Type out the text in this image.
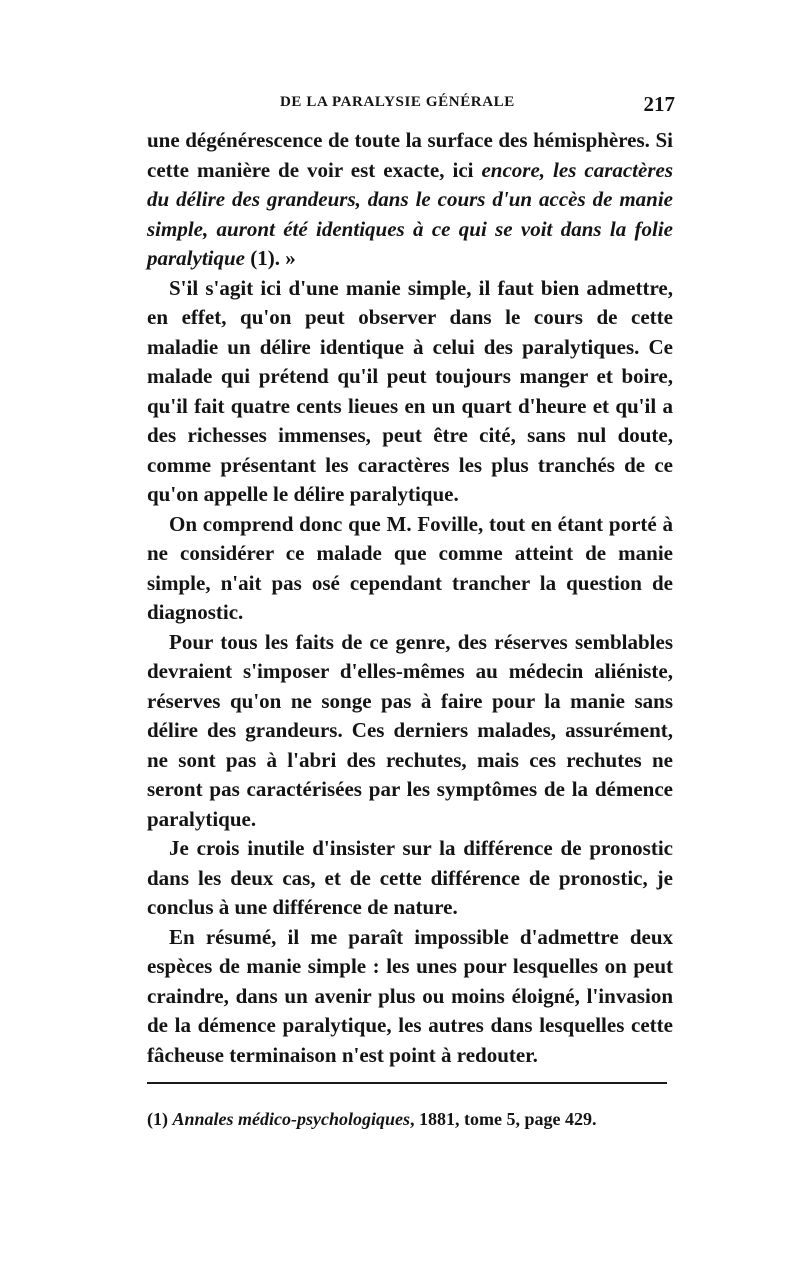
DE LA PARALYSIE GÉNÉRALE	217

une dégénérescence de toute la surface des hémisphères. Si cette manière de voir est exacte, ici encore, les caractères du délire des grandeurs, dans le cours d'un accès de manie simple, auront été identiques à ce qui se voit dans la folie paralytique (1). »

S'il s'agit ici d'une manie simple, il faut bien admettre, en effet, qu'on peut observer dans le cours de cette maladie un délire identique à celui des paralytiques. Ce malade qui prétend qu'il peut toujours manger et boire, qu'il fait quatre cents lieues en un quart d'heure et qu'il a des richesses immenses, peut être cité, sans nul doute, comme présentant les caractères les plus tranchés de ce qu'on appelle le délire paralytique.

On comprend donc que M. Foville, tout en étant porté à ne considérer ce malade que comme atteint de manie simple, n'ait pas osé cependant trancher la question de diagnostic.

Pour tous les faits de ce genre, des réserves semblables devraient s'imposer d'elles-mêmes au médecin aliéniste, réserves qu'on ne songe pas à faire pour la manie sans délire des grandeurs. Ces derniers malades, assurément, ne sont pas à l'abri des rechutes, mais ces rechutes ne seront pas caractérisées par les symptômes de la démence paralytique.

Je crois inutile d'insister sur la différence de pronostic dans les deux cas, et de cette différence de pronostic, je conclus à une différence de nature.

En résumé, il me paraît impossible d'admettre deux espèces de manie simple : les unes pour lesquelles on peut craindre, dans un avenir plus ou moins éloigné, l'invasion de la démence paralytique, les autres dans lesquelles cette fâcheuse terminaison n'est point à redouter.

(1) Annales médico-psychologiques, 1881, tome 5, page 429.
